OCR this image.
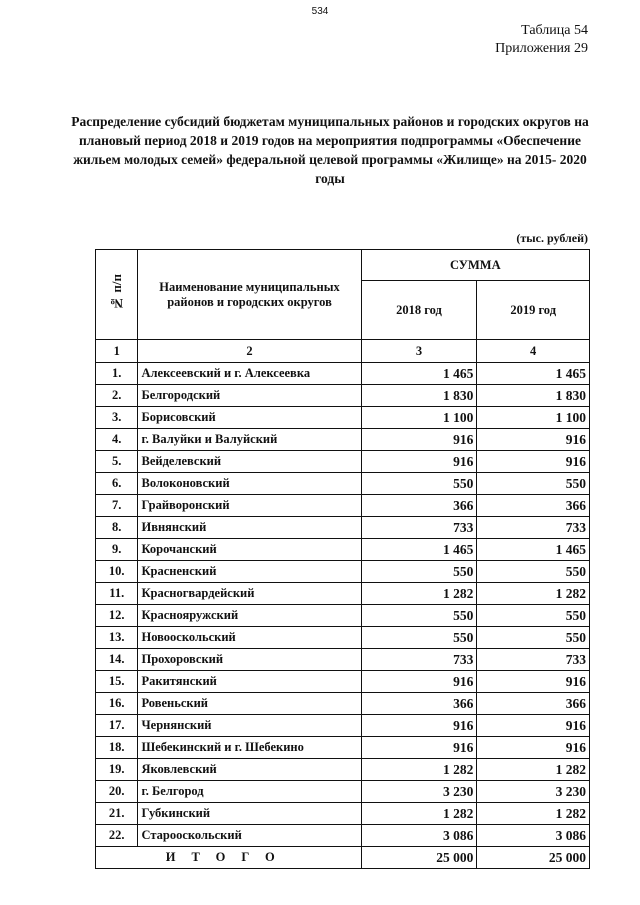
534
Таблица 54
Приложения 29
Распределение субсидий бюджетам муниципальных районов и городских округов на плановый период 2018 и 2019 годов на мероприятия подпрограммы «Обеспечение жильем молодых семей» федеральной целевой программы «Жилище» на 2015- 2020 годы
(тыс. рублей)
№ п/п	Наименование муниципальных районов и городских округов	СУММА	
		2018 год	2019 год
1	2	3	4
1.	Алексеевский и г. Алексеевка	1 465	1 465
2.	Белгородский	1 830	1 830
3.	Борисовский	1 100	1 100
4.	г. Валуйки и Валуйский	916	916
5.	Вейделевский	916	916
6.	Волоконовский	550	550
7.	Грайворонский	366	366
8.	Ивнянский	733	733
9.	Корочанский	1 465	1 465
10.	Красненский	550	550
11.	Красногвардейский	1 282	1 282
12.	Краснояружский	550	550
13.	Новооскольский	550	550
14.	Прохоровский	733	733
15.	Ракитянский	916	916
16.	Ровеньский	366	366
17.	Чернянский	916	916
18.	Шебекинский и г. Шебекино	916	916
19.	Яковлевский	1 282	1 282
20.	г. Белгород	3 230	3 230
21.	Губкинский	1 282	1 282
22.	Старооскольский	3 086	3 086
ИТОГО		25 000	25 000
